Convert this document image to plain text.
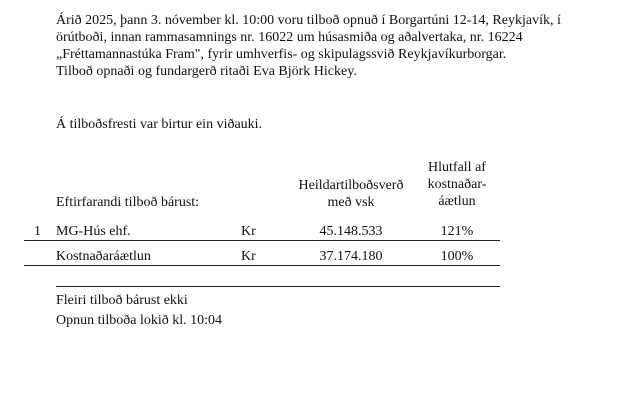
Árið 2025, þann 3. nóvember kl. 10:00 voru tilboð opnuð í Borgartúni 12-14, Reykjavík, í
örútboði, innan rammasamnings nr. 16022 um húsasmiða og aðalvertaka, nr. 16224
„Fréttamannastúka Fram", fyrir umhverfis- og skipulagssvið Reykjavíkurborgar.
Tilboð opnaði og fundargerð ritaði Eva Björk Hickey.

Á tilboðsfresti var birtur ein viðauki.

Eftirfarandi tilboð bárust:
Heildartilboðsverð
með vsk
Hlutfall af
kostnaðar-
áætlun
1 MG-Hús ehf.	Kr	45.148.533	121%
Kostnaðaráætlun	Kr	37.174.180	100%
Fleiri tilboð bárust ekki
Opnun tilboða lokið kl. 10:04
